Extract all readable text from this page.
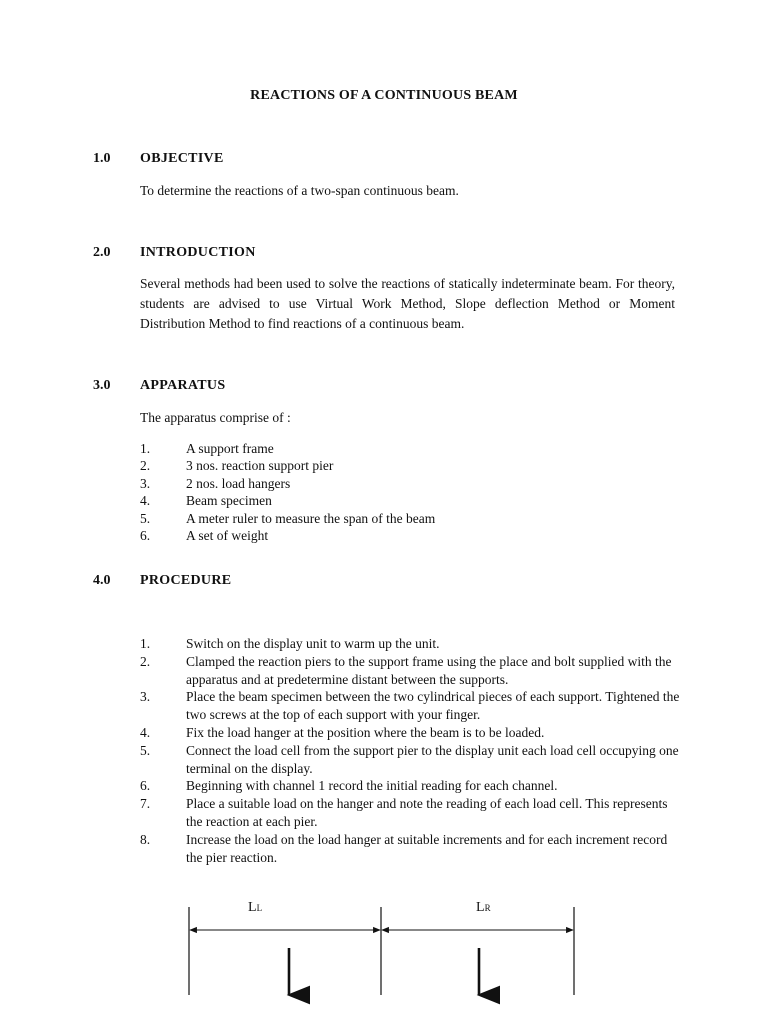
REACTIONS OF A CONTINUOUS BEAM
1.0 OBJECTIVE
To determine the reactions of a two-span continuous beam.
2.0 INTRODUCTION
Several methods had been used to solve the reactions of statically indeterminate beam. For theory, students are advised to use Virtual Work Method, Slope deflection Method or Moment Distribution Method to find reactions of a continuous beam.
3.0 APPARATUS
The apparatus comprise of :
1.	A support frame
2.	3 nos. reaction support pier
3.	2 nos. load hangers
4.	Beam specimen
5.	A meter ruler to measure the span of the beam
6.	A set of weight
4.0 PROCEDURE
1.	Switch on the display unit to warm up the unit.
2.	Clamped the reaction piers to the support frame using the place and bolt supplied with the apparatus and at predetermine distant between the supports.
3.	Place the beam specimen between the two cylindrical pieces of each support. Tightened the two screws at the top of each support with your finger.
4.	Fix the load hanger at the position where the beam is to be loaded.
5.	Connect the load cell from the support pier to the display unit each load cell occupying one terminal on the display.
6.	Beginning with channel 1 record the initial reading for each channel.
7.	Place a suitable load on the hanger and note the reading of each load cell. This represents the reaction at each pier.
8.	Increase the load on the load hanger at suitable increments and for each increment record the pier reaction.
LL	LR
